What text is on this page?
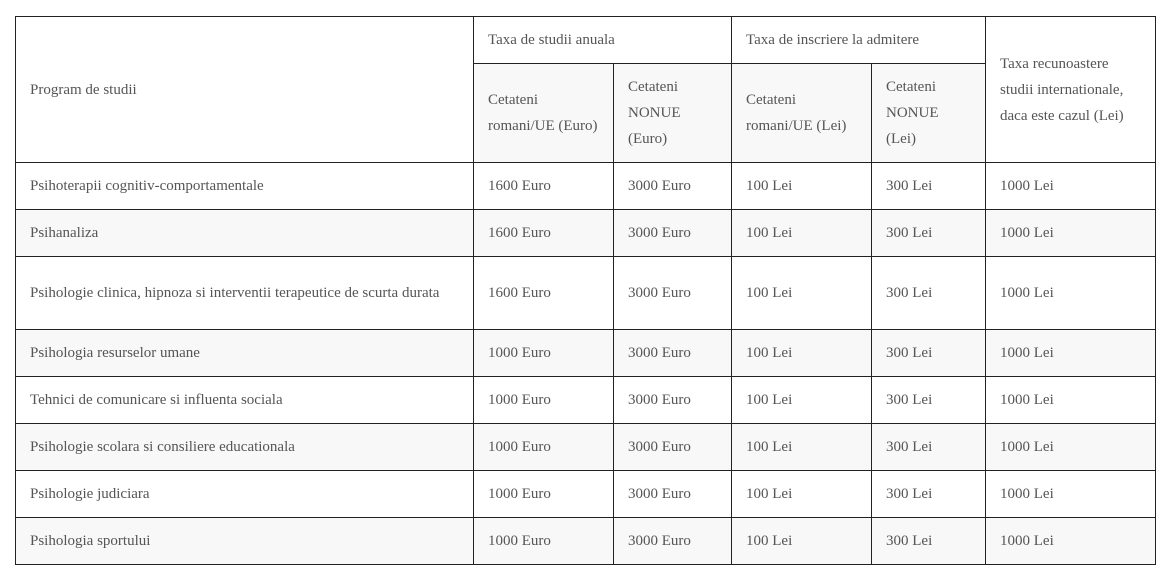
Program de studii	Taxa de studii anuala		Taxa de inscriere la admitere		Taxa recunoastere studii internationale, daca este cazul (Lei)
	Cetateni romani/UE (Euro)	Cetateni NONUE (Euro)	Cetateni romani/UE (Lei)	Cetateni NONUE (Lei)	
Psihoterapii cognitiv-comportamentale	1600 Euro	3000 Euro	100 Lei	300 Lei	1000 Lei
Psihanaliza	1600 Euro	3000 Euro	100 Lei	300 Lei	1000 Lei
Psihologie clinica, hipnoza si interventii terapeutice de scurta durata	1600 Euro	3000 Euro	100 Lei	300 Lei	1000 Lei
Psihologia resurselor umane	1000 Euro	3000 Euro	100 Lei	300 Lei	1000 Lei
Tehnici de comunicare si influenta sociala	1000 Euro	3000 Euro	100 Lei	300 Lei	1000 Lei
Psihologie scolara si consiliere educationala	1000 Euro	3000 Euro	100 Lei	300 Lei	1000 Lei
Psihologie judiciara	1000 Euro	3000 Euro	100 Lei	300 Lei	1000 Lei
Psihologia sportului	1000 Euro	3000 Euro	100 Lei	300 Lei	1000 Lei
